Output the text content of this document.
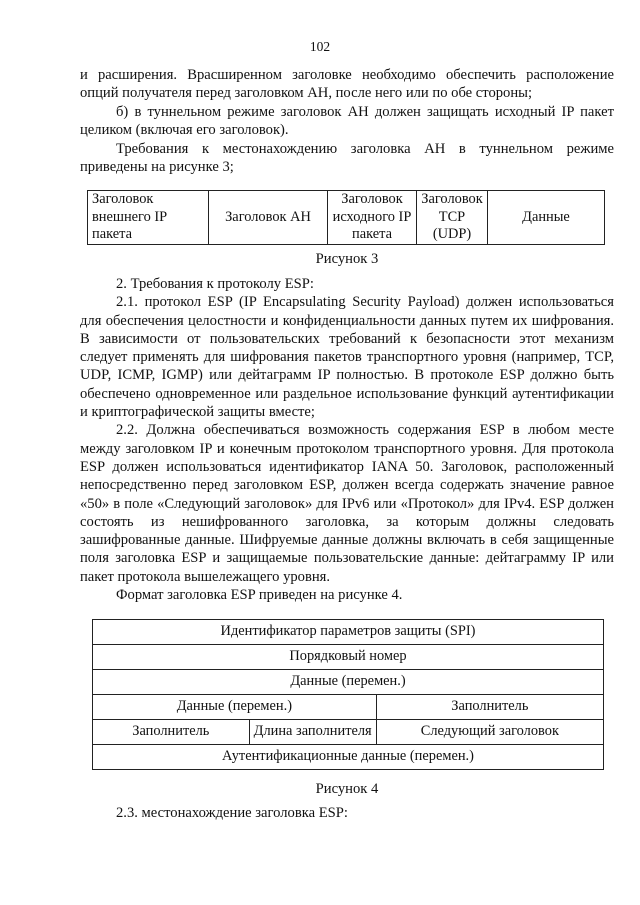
102

и расширения. Врасширенном заголовке необходимо обеспечить расположение опций получателя перед заголовком АН, после него или по обе стороны;

б) в туннельном режиме заголовок АН должен защищать исходный IP пакет целиком (включая его заголовок).

Требования к местонахождению заголовка АН в туннельном режиме приведены на рисунке 3;

Заголовок внешнего IP пакета	Заголовок АН	Заголовок исходного IP пакета	Заголовок TCP (UDP)	Данные
Рисунок 3

2. Требования к протоколу ESP:

2.1. протокол ESP (IP Encapsulating Security Payload) должен использоваться для обеспечения целостности и конфиденциальности данных путем их шифрования. В зависимости от пользовательских требований к безопасности этот механизм следует применять для шифрования пакетов транспортного уровня (например, TCP, UDP, ICMP, IGMP) или дейтаграмм IP полностью. В протоколе ESP должно быть обеспечено одновременное или раздельное использование функций аутентификации и криптографической защиты вместе;

2.2. Должна обеспечиваться возможность содержания ESP в любом месте между заголовком IP и конечным протоколом транспортного уровня. Для протокола ESP должен использоваться идентификатор IANA 50. Заголовок, расположенный непосредственно перед заголовком ESP, должен всегда содержать значение равное «50» в поле «Следующий заголовок» для IPv6 или «Протокол» для IPv4. ESP должен состоять из нешифрованного заголовка, за которым должны следовать зашифрованные данные. Шифруемые данные должны включать в себя защищенные поля заголовка ESP и защищаемые пользовательские данные: дейтаграмму IP или пакет протокола вышележащего уровня.

Формат заголовка ESP приведен на рисунке 4.

Идентификатор параметров защиты (SPI)		
Порядковый номер		
Данные (перемен.)		
Данные (перемен.)		Заполнитель
Заполнитель	Длина заполнителя	Следующий заголовок
Аутентификационные данные (перемен.)		
Рисунок 4

2.3. местонахождение заголовка ESP:
